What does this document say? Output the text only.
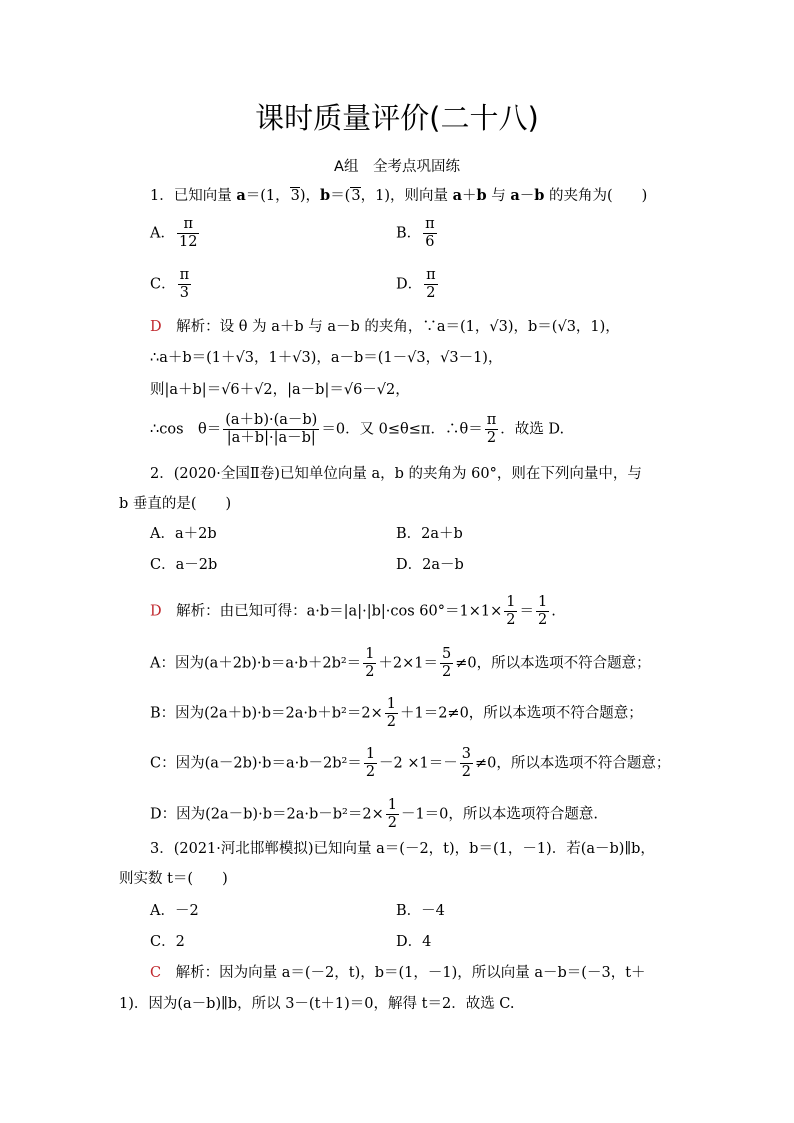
课时质量评价(二十八)
A组　全考点巩固练
1．已知向量 a＝(1，3)，b＝(3，1)，则向量 a＋b 与 a－b 的夹角为(　　)
A． $\frac{\pi}{12}$	B． $\frac{\pi}{6}$
C． $\frac{\pi}{3}$	D． $\frac{\pi}{2}$
D　 解析：设 θ 为 a＋b 与 a－b 的夹角，∵a＝(1，√3)，b＝(√3，1)，
∴a＋b＝(1＋√3，1＋√3)，a－b＝(1－√3，√3－1)，
则|a＋b|＝√6＋√2，|a－b|＝√6－√2，
∴cos　$\theta= \frac{(a+b)\cdot(a-b)}{|a+b|\cdot|a-b|} =0$．又 0≤θ≤π．∴θ＝ $\frac{\pi}{2}$ ．故选 D.
2．(2020·全国Ⅱ卷)已知单位向量 a，b 的夹角为 60°，则在下列向量中，与
b 垂直的是(　　)
A．a＋2b	B．2a＋b
C．a－2b	D．2a－b
D　 解析：由已知可得：a·b＝|a|·|b|·cos $60^\circ=1\times 1\times \frac{1}{2} = \frac{1}{2}$ .
A：因为$(a+2b)\cdot b=a\cdot b+2b^2= \frac{1}{2} +2\times 1= \frac{5}{2} \ne 0$，所以本选项不符合题意；
B：因为$(2a+b)\cdot b=2a\cdot b+b^2=2\times \frac{1}{2} +1=2\ne 0$，所以本选项不符合题意；
C：因为$(a-2b)\cdot b=a\cdot b-2b^2= \frac{1}{2} -2 \times 1=- \frac{3}{2} \ne 0$，所以本选项不符合题意；
D：因为$(2a-b)\cdot b=2a\cdot b-b^2=2\times \frac{1}{2} -1=0$，所以本选项符合题意.
3．(2021·河北邯郸模拟)已知向量 a＝(－2，t)，b＝(1，－1)．若(a－b)∥b，
则实数 t＝(　　)
A．－2	B．－4
C．2	D．4
C　 解析：因为向量 a＝(－2，t)，b＝(1，－1)，所以向量 a－b＝(－3，t＋
1)．因为(a－b)∥b，所以 3－(t＋1)＝0，解得 t＝2．故选 C.
